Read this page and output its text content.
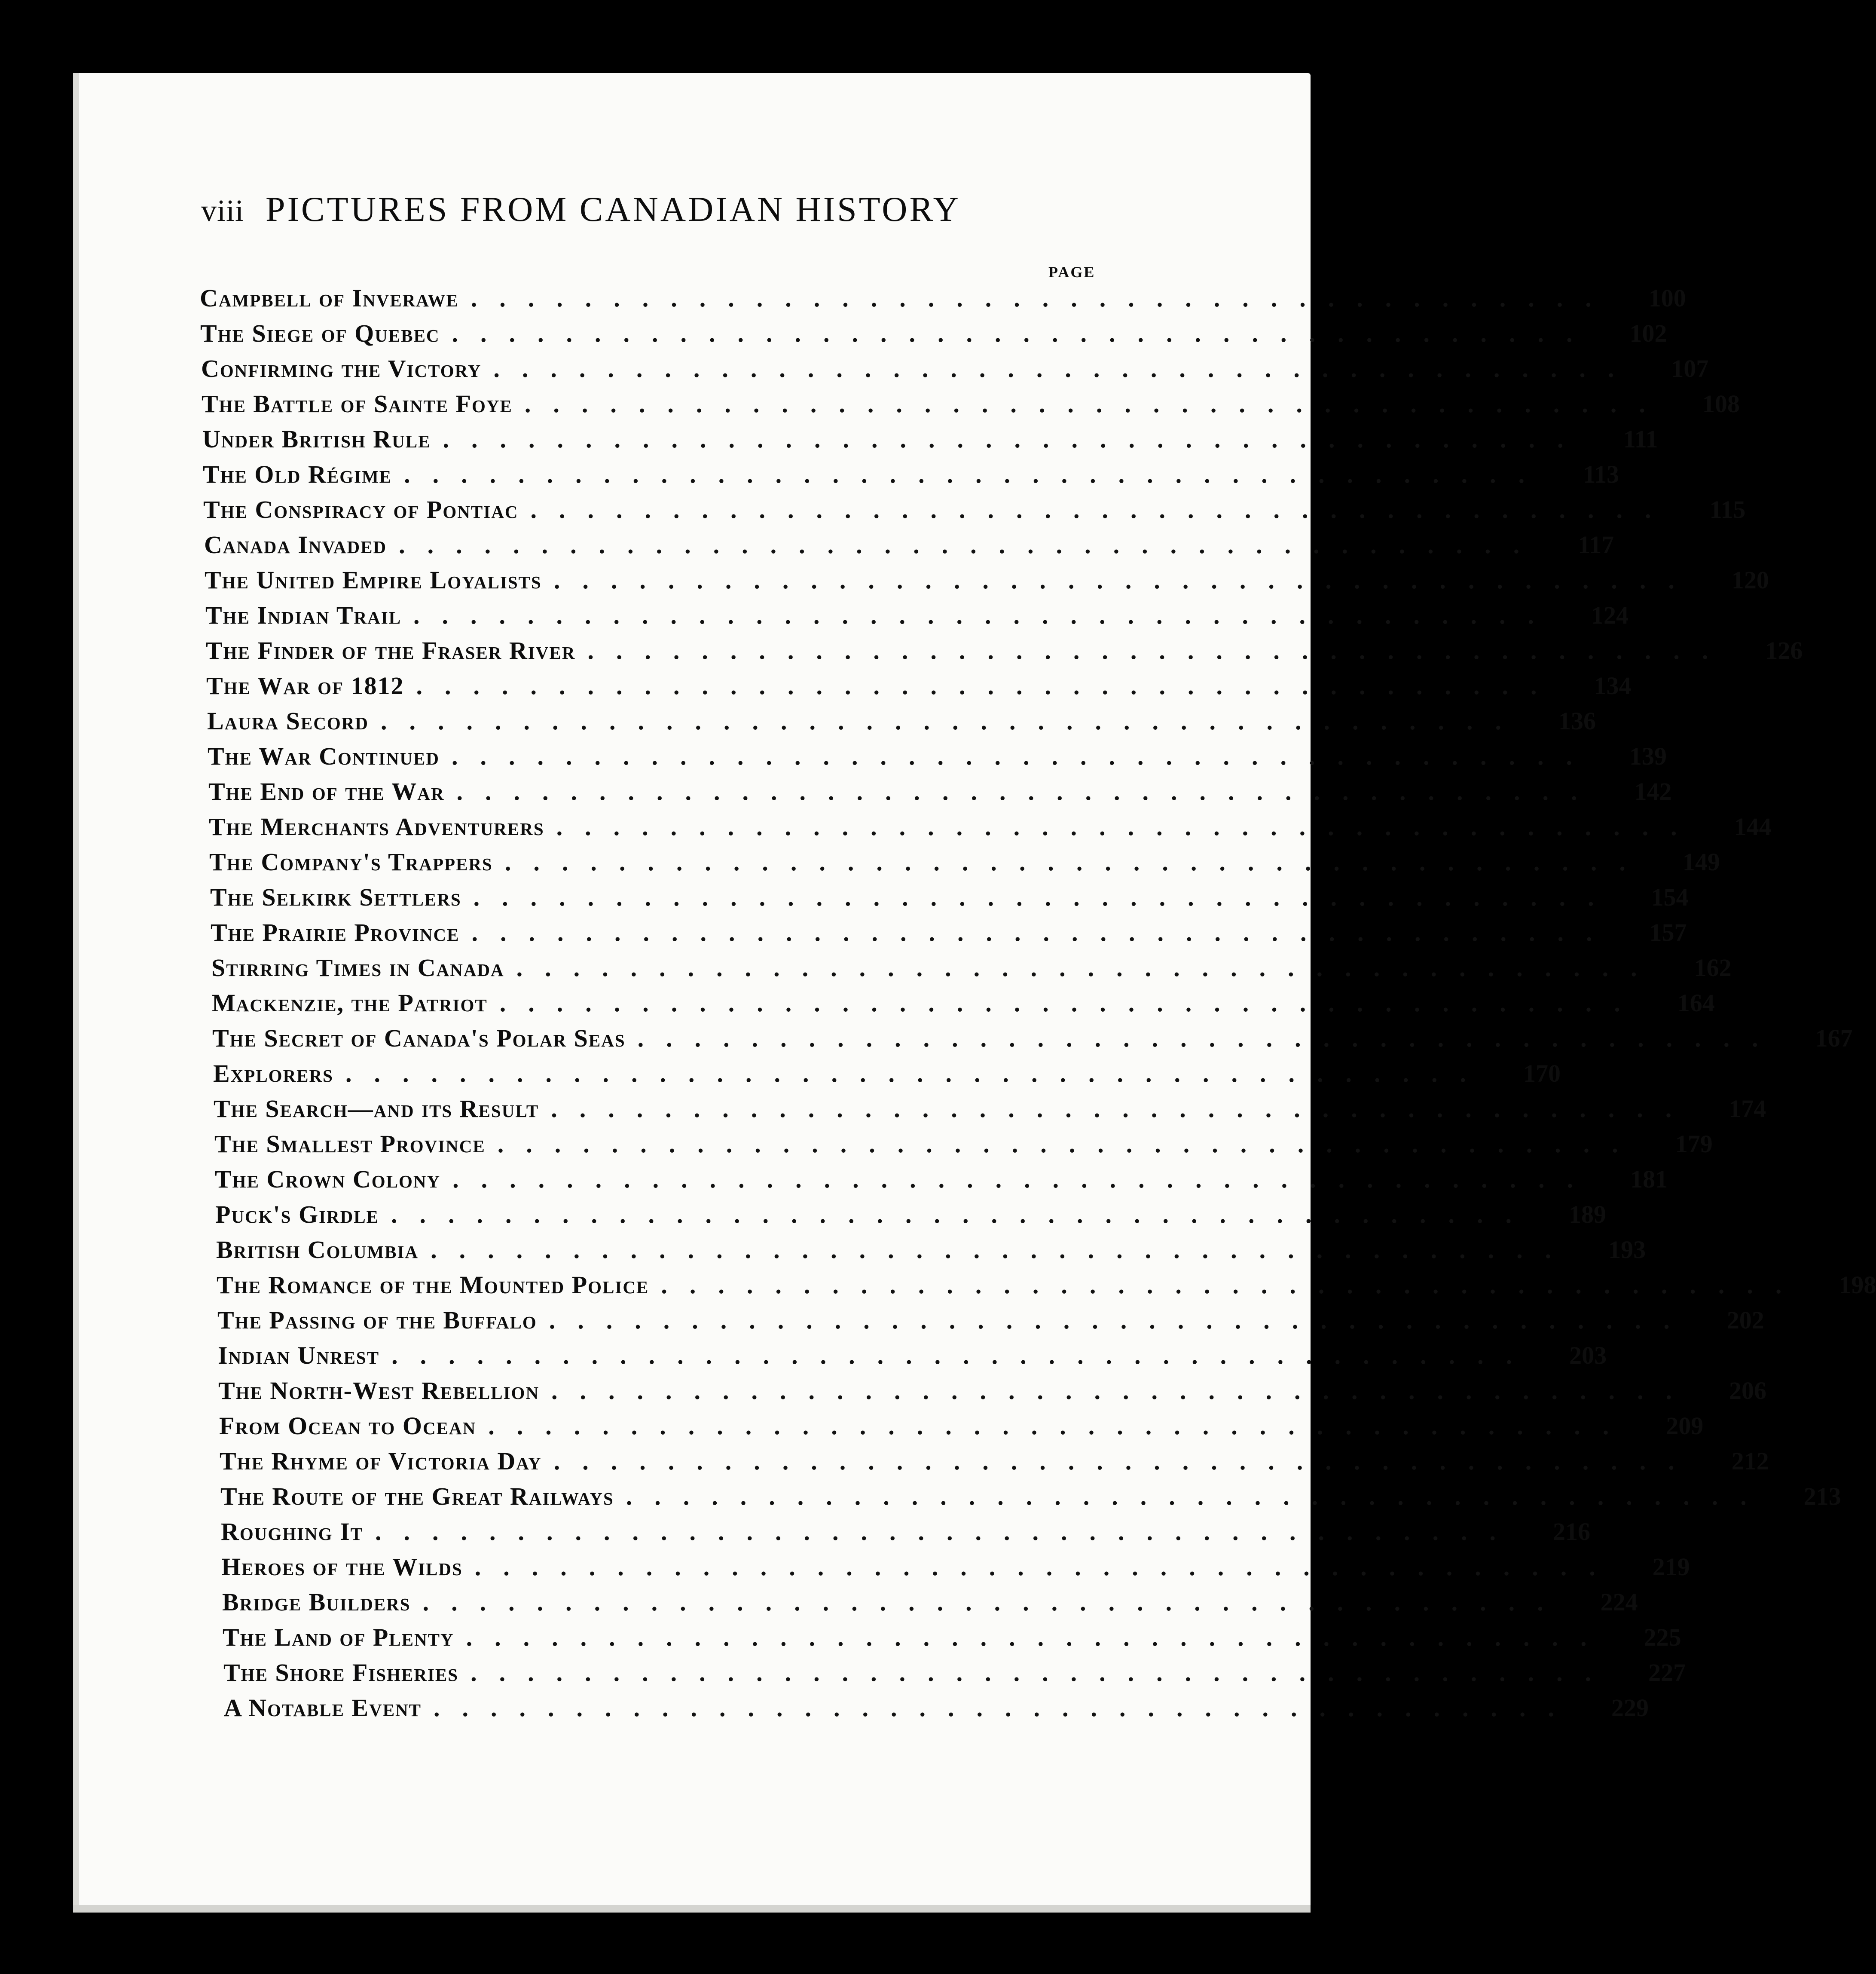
viii PICTURES FROM CANADIAN HISTORY
PAGE
Campbell of Inverawe ........................................	100
The Siege of Quebec ........................................	102
Confirming the Victory ........................................	107
The Battle of Sainte Foye ........................................	108
Under British Rule ........................................	111
The Old Régime ........................................	113
The Conspiracy of Pontiac ........................................	115
Canada Invaded ........................................	117
The United Empire Loyalists ........................................	120
The Indian Trail ........................................	124
The Finder of the Fraser River ........................................	126
The War of 1812 ........................................	134
Laura Secord ........................................	136
The War Continued ........................................	139
The End of the War ........................................	142
The Merchants Adventurers ........................................	144
The Company's Trappers ........................................	149
The Selkirk Settlers ........................................	154
The Prairie Province ........................................	157
Stirring Times in Canada ........................................	162
Mackenzie, the Patriot ........................................	164
The Secret of Canada's Polar Seas ........................................	167
Explorers ........................................	170
The Search—and its Result ........................................	174
The Smallest Province ........................................	179
The Crown Colony ........................................	181
Puck's Girdle ........................................	189
British Columbia ........................................	193
The Romance of the Mounted Police ........................................	198
The Passing of the Buffalo ........................................	202
Indian Unrest ........................................	203
The North-West Rebellion ........................................	206
From Ocean to Ocean ........................................	209
The Rhyme of Victoria Day ........................................	212
The Route of the Great Railways ........................................	213
Roughing It ........................................	216
Heroes of the Wilds ........................................	219
Bridge Builders ........................................	224
The Land of Plenty ........................................	225
The Shore Fisheries ........................................	227
A Notable Event ........................................	229
